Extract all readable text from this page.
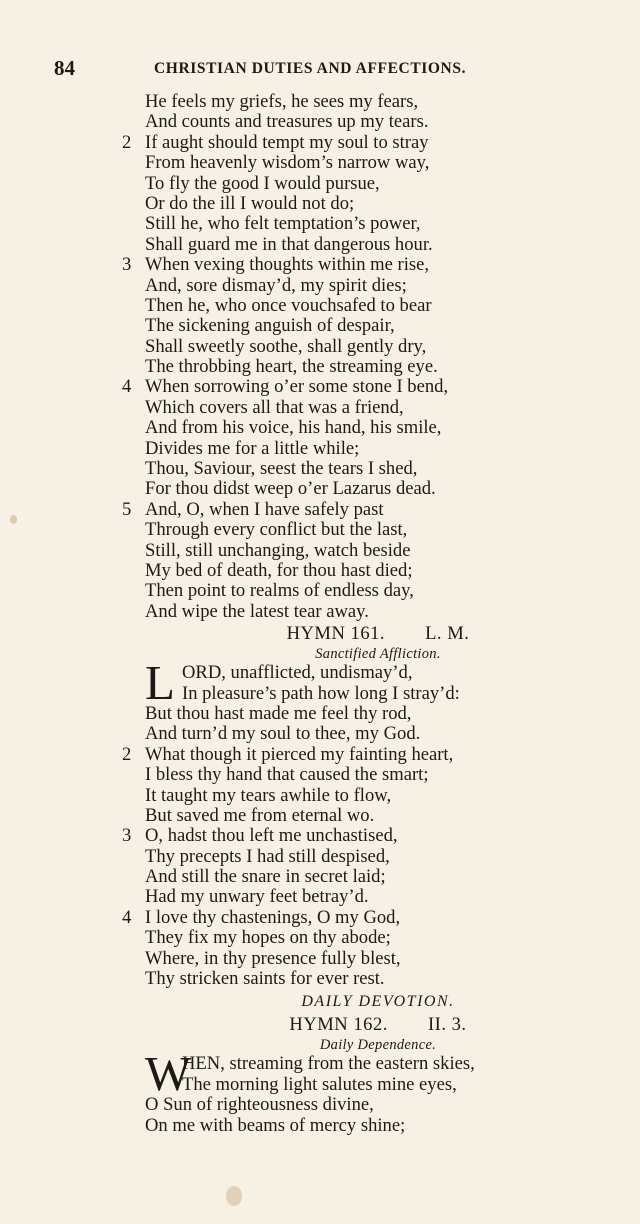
84	CHRISTIAN DUTIES AND AFFECTIONS.
He feels my griefs, he sees my fears,
And counts and treasures up my tears.
2 If aught should tempt my soul to stray
From heavenly wisdom’s narrow way,
To fly the good I would pursue,
Or do the ill I would not do;
Still he, who felt temptation’s power,
Shall guard me in that dangerous hour.
3 When vexing thoughts within me rise,
And, sore dismay’d, my spirit dies;
Then he, who once vouchsafed to bear
The sickening anguish of despair,
Shall sweetly soothe, shall gently dry,
The throbbing heart, the streaming eye.
4 When sorrowing o’er some stone I bend,
Which covers all that was a friend,
And from his voice, his hand, his smile,
Divides me for a little while;
Thou, Saviour, seest the tears I shed,
For thou didst weep o’er Lazarus dead.
5 And, O, when I have safely past
Through every conflict but the last,
Still, still unchanging, watch beside
My bed of death, for thou hast died;
Then point to realms of endless day,
And wipe the latest tear away.
HYMN 161. L. M.
Sanctified Affliction.
L ORD, unafflicted, undismay’d,
In pleasure’s path how long I stray’d:
But thou hast made me feel thy rod,
And turn’d my soul to thee, my God.
2 What though it pierced my fainting heart,
I bless thy hand that caused the smart;
It taught my tears awhile to flow,
But saved me from eternal wo.
3 O, hadst thou left me unchastised,
Thy precepts I had still despised,
And still the snare in secret laid;
Had my unwary feet betray’d.
4 I love thy chastenings, O my God,
They fix my hopes on thy abode;
Where, in thy presence fully blest,
Thy stricken saints for ever rest.
DAILY DEVOTION.
HYMN 162. II. 3.
Daily Dependence.
W
HEN, streaming from the eastern skies,
The morning light salutes mine eyes,
O Sun of righteousness divine,
On me with beams of mercy shine;
